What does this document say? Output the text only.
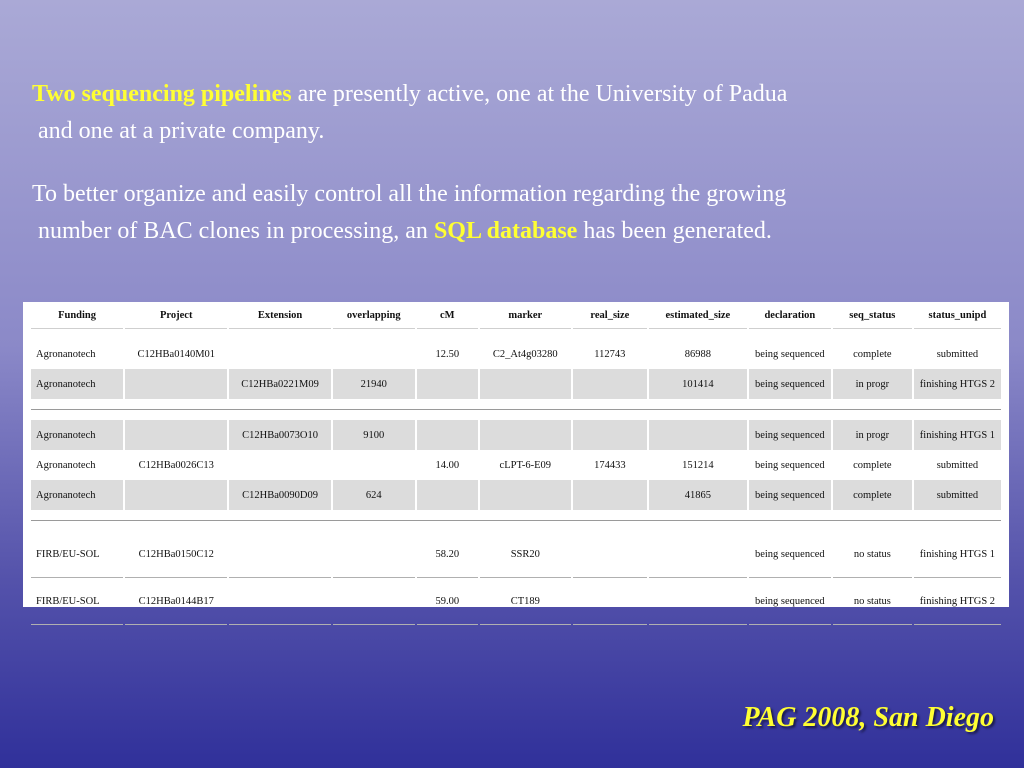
Two sequencing pipelines are presently active, one at the University of Padua
and one at a private company.
To better organize and easily control all the information regarding the growing
number of BAC clones in processing, an SQL database has been generated.
Funding	Project	Extension	overlapping	cM	marker	real_size	estimated_size	declaration	seq_status	status_unipd

Agronanotech	C12HBa0140M01			12.50	C2_At4g03280	112743	86988	being sequenced	complete	submitted
Agronanotech		C12HBa0221M09	21940				101414	being sequenced	in progr	finishing HTGS 2

Agronanotech		C12HBa0073O10	9100					being sequenced	in progr	finishing HTGS 1
Agronanotech	C12HBa0026C13			14.00	cLPT-6-E09	174433	151214	being sequenced	complete	submitted
Agronanotech		C12HBa0090D09	624				41865	being sequenced	complete	submitted

FIRB/EU-SOL	C12HBa0150C12			58.20	SSR20			being sequenced	no status	finishing HTGS 1
FIRB/EU-SOL	C12HBa0144B17			59.00	CT189			being sequenced	no status	finishing HTGS 2
PAG 2008, San Diego
